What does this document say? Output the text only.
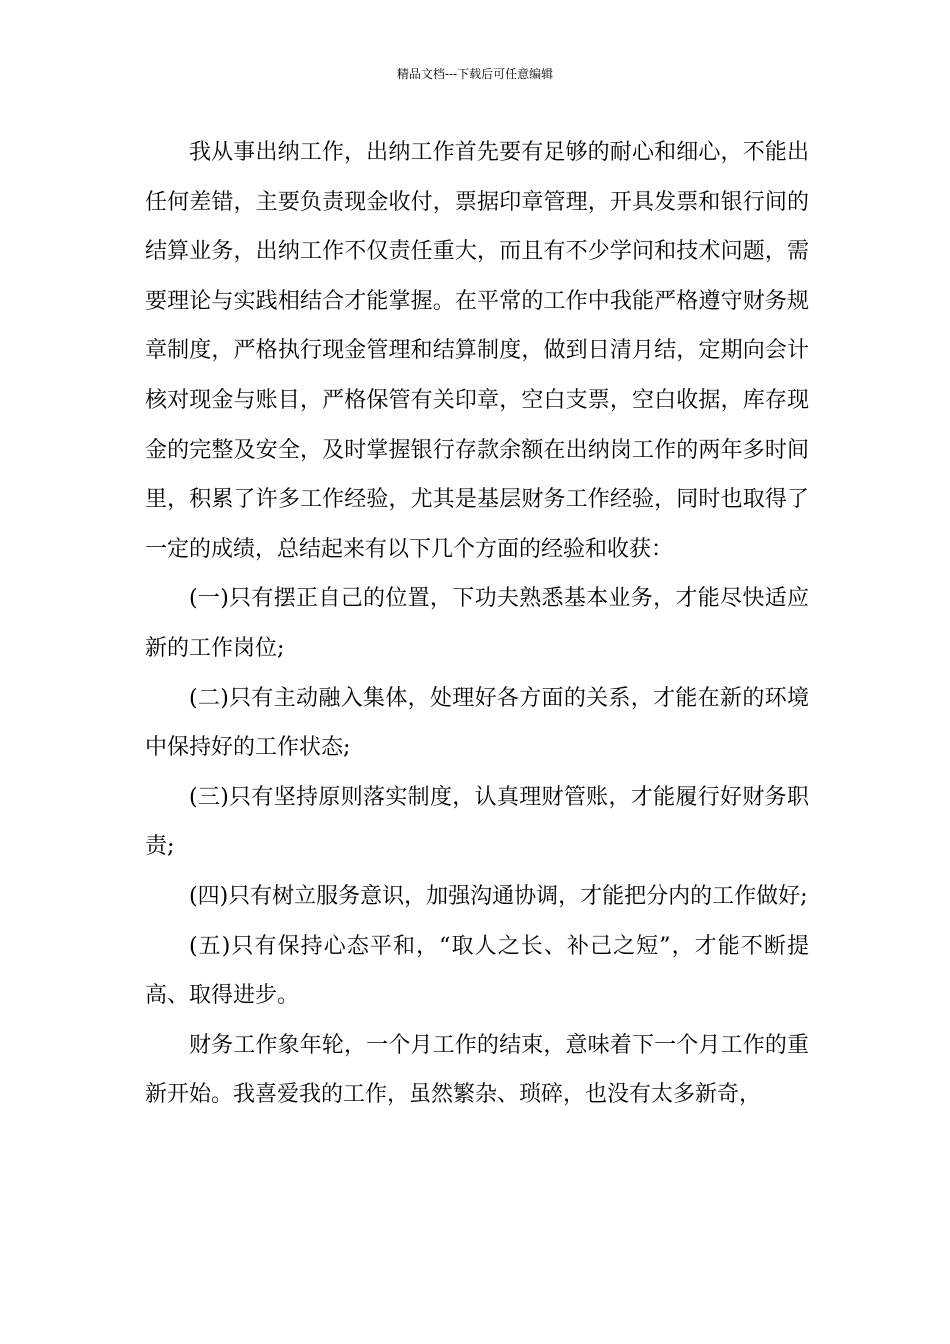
精品文档---下载后可任意编辑

我从事出纳工作，出纳工作首先要有足够的耐心和细心，不能出任何差错，主要负责现金收付，票据印章管理，开具发票和银行间的结算业务，出纳工作不仅责任重大，而且有不少学问和技术问题，需要理论与实践相结合才能掌握。在平常的工作中我能严格遵守财务规章制度，严格执行现金管理和结算制度，做到日清月结，定期向会计核对现金与账目，严格保管有关印章，空白支票，空白收据，库存现金的完整及安全，及时掌握银行存款余额在出纳岗工作的两年多时间里，积累了许多工作经验，尤其是基层财务工作经验，同时也取得了一定的成绩，总结起来有以下几个方面的经验和收获：

(一)只有摆正自己的位置，下功夫熟悉基本业务，才能尽快适应新的工作岗位;

(二)只有主动融入集体，处理好各方面的关系，才能在新的环境中保持好的工作状态;

(三)只有坚持原则落实制度，认真理财管账，才能履行好财务职责;

(四)只有树立服务意识，加强沟通协调，才能把分内的工作做好;

(五)只有保持心态平和，“取人之长、补己之短”，才能不断提高、取得进步。

财务工作象年轮，一个月工作的结束，意味着下一个月工作的重新开始。我喜爱我的工作，虽然繁杂、琐碎，也没有太多新奇，
